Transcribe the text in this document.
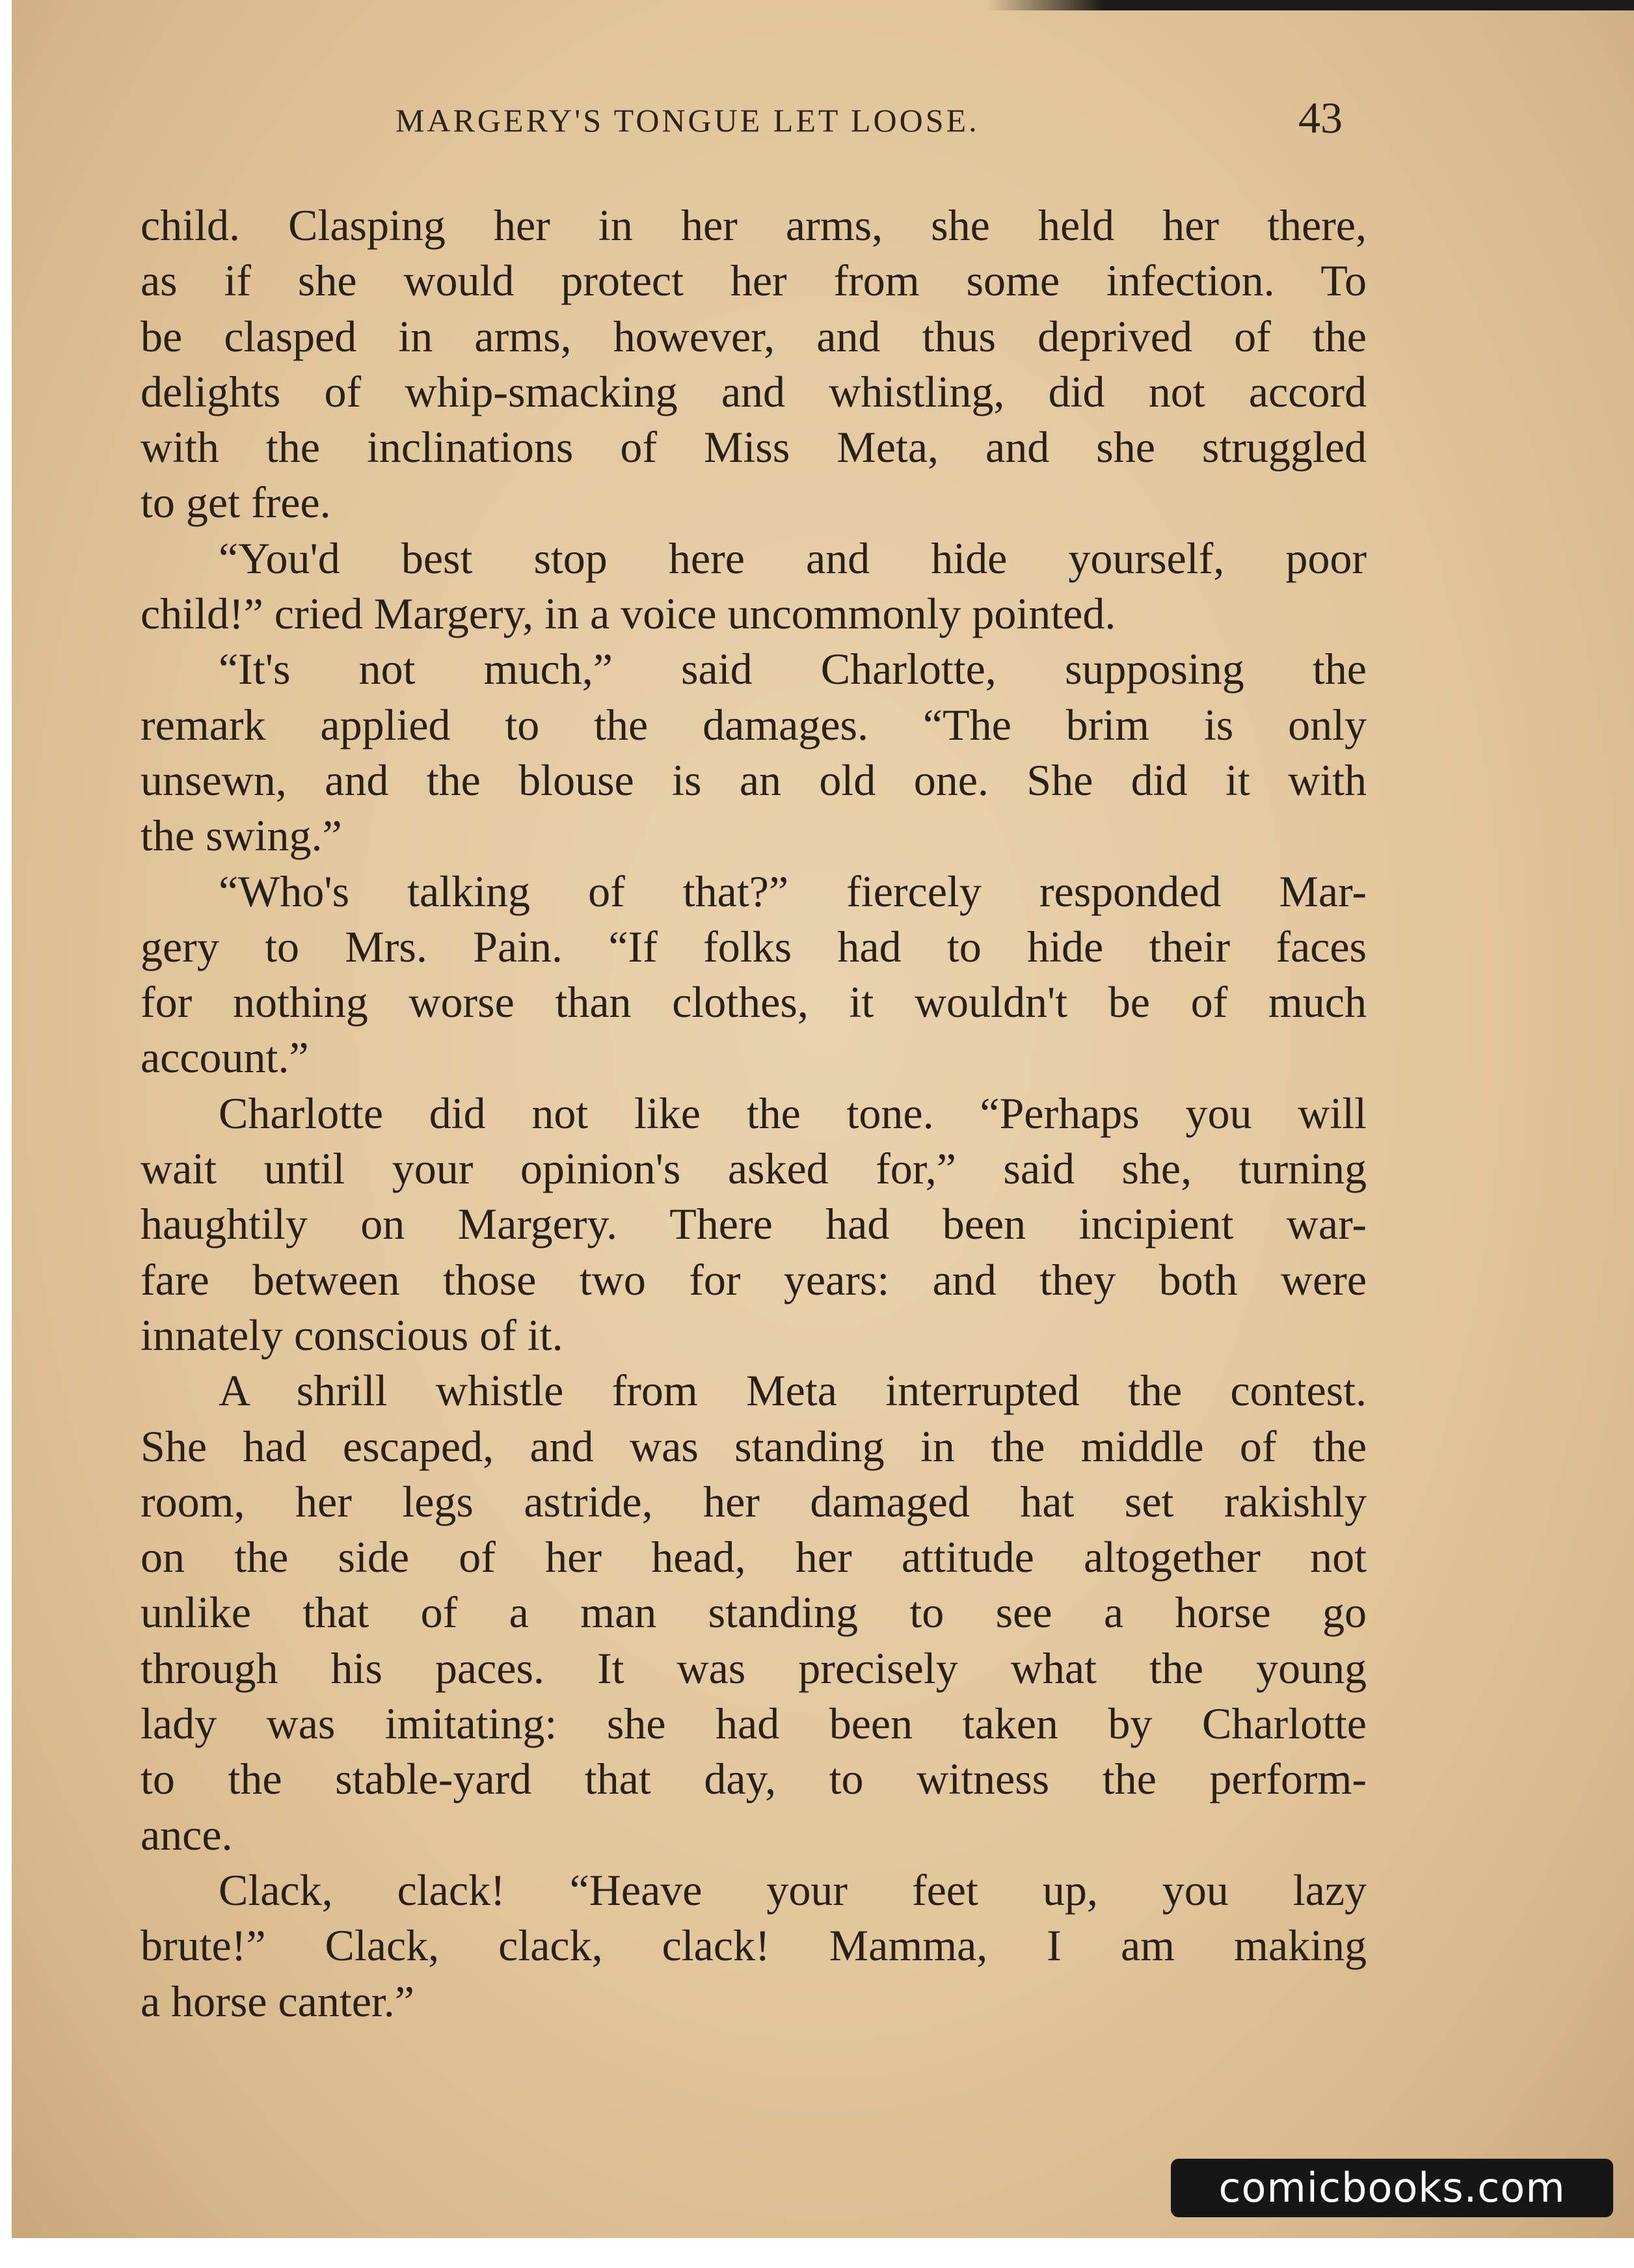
MARGERY'S TONGUE LET LOOSE.	43
child. Clasping her in her arms, she held her there,
as if she would protect her from some infection. To
be clasped in arms, however, and thus deprived of the
delights of whip-smacking and whistling, did not accord
with the inclinations of Miss Meta, and she struggled
to get free.
“You'd best stop here and hide yourself, poor
child!” cried Margery, in a voice uncommonly pointed.
“It's not much,” said Charlotte, supposing the
remark applied to the damages. “The brim is only
unsewn, and the blouse is an old one. She did it with
the swing.”
“Who's talking of that?” fiercely responded Mar-
gery to Mrs. Pain. “If folks had to hide their faces
for nothing worse than clothes, it wouldn't be of much
account.”
Charlotte did not like the tone. “Perhaps you will
wait until your opinion's asked for,” said she, turning
haughtily on Margery. There had been incipient war-
fare between those two for years: and they both were
innately conscious of it.
A shrill whistle from Meta interrupted the contest.
She had escaped, and was standing in the middle of the
room, her legs astride, her damaged hat set rakishly
on the side of her head, her attitude altogether not
unlike that of a man standing to see a horse go
through his paces. It was precisely what the young
lady was imitating: she had been taken by Charlotte
to the stable-yard that day, to witness the perform-
ance.
Clack, clack! “Heave your feet up, you lazy
brute!” Clack, clack, clack! Mamma, I am making
a horse canter.”
comicbooks.com
